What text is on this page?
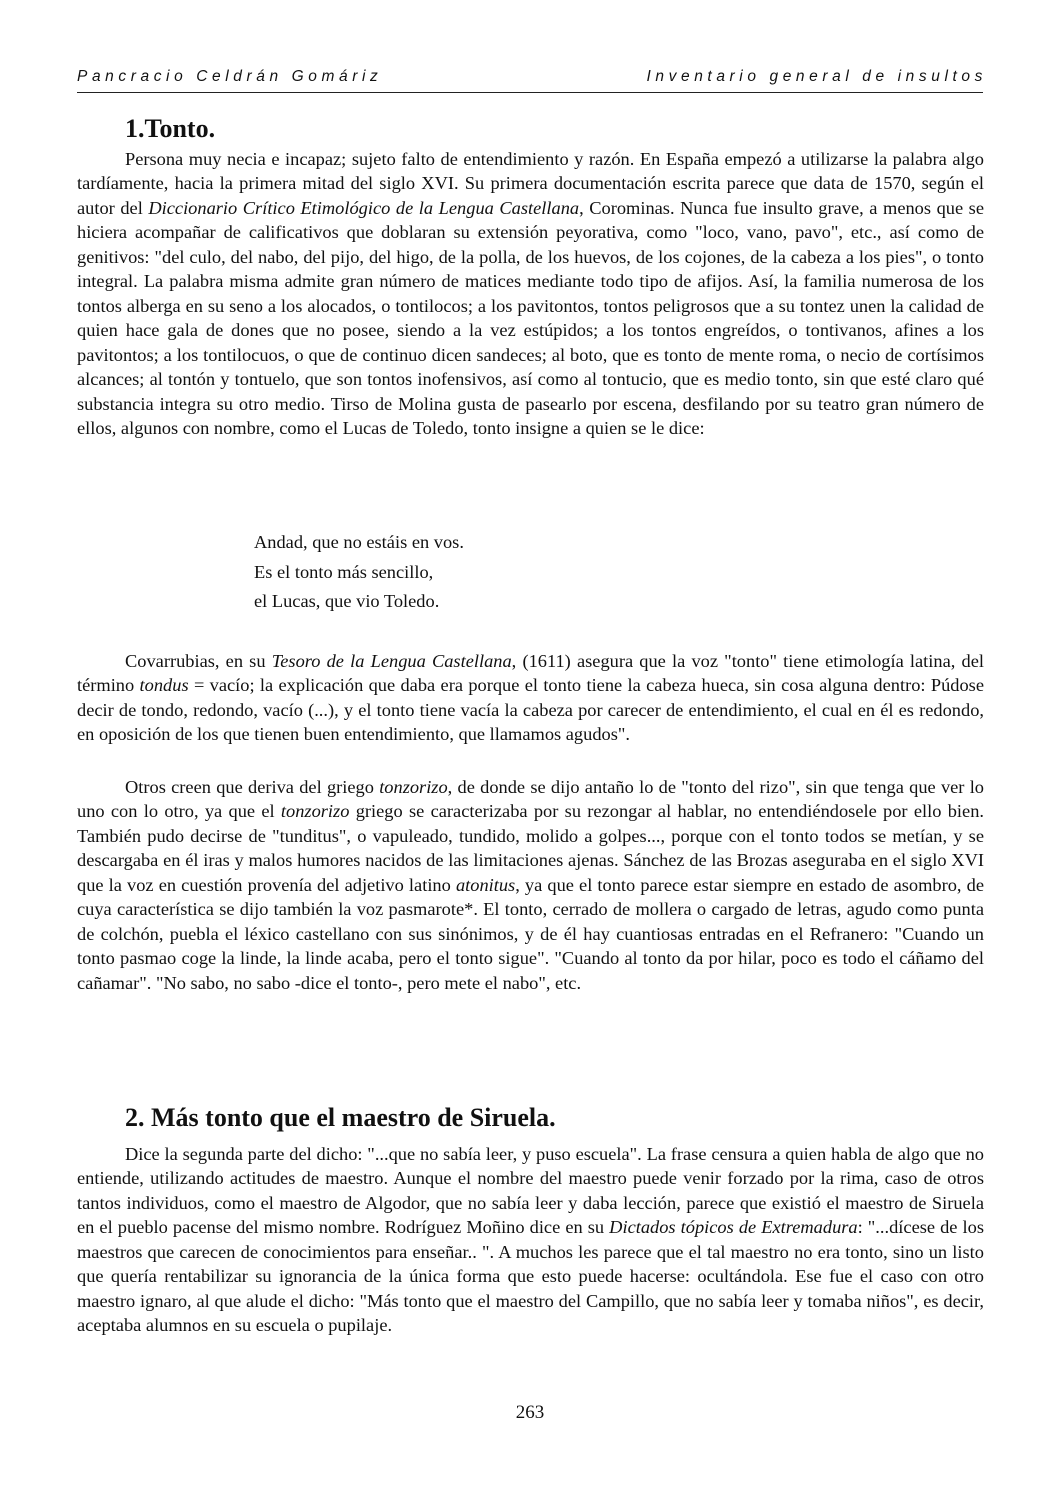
Pancracio Celdrán Gomáriz	Inventario general de insultos
1.Tonto.

Persona muy necia e incapaz; sujeto falto de entendimiento y razón. En España empezó a utilizarse la palabra algo tardíamente, hacia la primera mitad del siglo XVI. Su primera documentación escrita parece que data de 1570, según el autor del Diccionario Crítico Etimológico de la Lengua Castellana, Corominas. Nunca fue insulto grave, a menos que se hiciera acompañar de calificativos que doblaran su extensión peyorativa, como "loco, vano, pavo", etc., así como de genitivos: "del culo, del nabo, del pijo, del higo, de la polla, de los huevos, de los cojones, de la cabeza a los pies", o tonto integral. La palabra misma admite gran número de matices mediante todo tipo de afijos. Así, la familia numerosa de los tontos alberga en su seno a los alocados, o tontilocos; a los pavitontos, tontos peligrosos que a su tontez unen la calidad de quien hace gala de dones que no posee, siendo a la vez estúpidos; a los tontos engreídos, o tontivanos, afines a los pavitontos; a los tontilocuos, o que de continuo dicen sandeces; al boto, que es tonto de mente roma, o necio de cortísimos alcances; al tontón y tontuelo, que son tontos inofensivos, así como al tontucio, que es medio tonto, sin que esté claro qué substancia integra su otro medio. Tirso de Molina gusta de pasearlo por escena, desfilando por su teatro gran número de ellos, algunos con nombre, como el Lucas de Toledo, tonto insigne a quien se le dice:

Andad, que no estáis en vos.
Es el tonto más sencillo,
el Lucas, que vio Toledo.

Covarrubias, en su Tesoro de la Lengua Castellana, (1611) asegura que la voz "tonto" tiene etimología latina, del término tondus = vacío; la explicación que daba era porque el tonto tiene la cabeza hueca, sin cosa alguna dentro: Púdose decir de tondo, redondo, vacío (...), y el tonto tiene vacía la cabeza por carecer de entendimiento, el cual en él es redondo, en oposición de los que tienen buen entendimiento, que llamamos agudos".

Otros creen que deriva del griego tonzorizo, de donde se dijo antaño lo de "tonto del rizo", sin que tenga que ver lo uno con lo otro, ya que el tonzorizo griego se caracterizaba por su rezongar al hablar, no entendiéndosele por ello bien. También pudo decirse de "tunditus", o vapuleado, tundido, molido a golpes..., porque con el tonto todos se metían, y se descargaba en él iras y malos humores nacidos de las limitaciones ajenas. Sánchez de las Brozas aseguraba en el siglo XVI que la voz en cuestión provenía del adjetivo latino atonitus, ya que el tonto parece estar siempre en estado de asombro, de cuya característica se dijo también la voz pasmarote*. El tonto, cerrado de mollera o cargado de letras, agudo como punta de colchón, puebla el léxico castellano con sus sinónimos, y de él hay cuantiosas entradas en el Refranero: "Cuando un tonto pasmao coge la linde, la linde acaba, pero el tonto sigue". "Cuando al tonto da por hilar, poco es todo el cáñamo del cañamar". "No sabo, no sabo -dice el tonto-, pero mete el nabo", etc.

2. Más tonto que el maestro de Siruela.

Dice la segunda parte del dicho: "...que no sabía leer, y puso escuela". La frase censura a quien habla de algo que no entiende, utilizando actitudes de maestro. Aunque el nombre del maestro puede venir forzado por la rima, caso de otros tantos individuos, como el maestro de Algodor, que no sabía leer y daba lección, parece que existió el maestro de Siruela en el pueblo pacense del mismo nombre. Rodríguez Moñino dice en su Dictados tópicos de Extremadura: "...dícese de los maestros que carecen de conocimientos para enseñar.. ". A muchos les parece que el tal maestro no era tonto, sino un listo que quería rentabilizar su ignorancia de la única forma que esto puede hacerse: ocultándola. Ese fue el caso con otro maestro ignaro, al que alude el dicho: "Más tonto que el maestro del Campillo, que no sabía leer y tomaba niños", es decir, aceptaba alumnos en su escuela o pupilaje.

263
